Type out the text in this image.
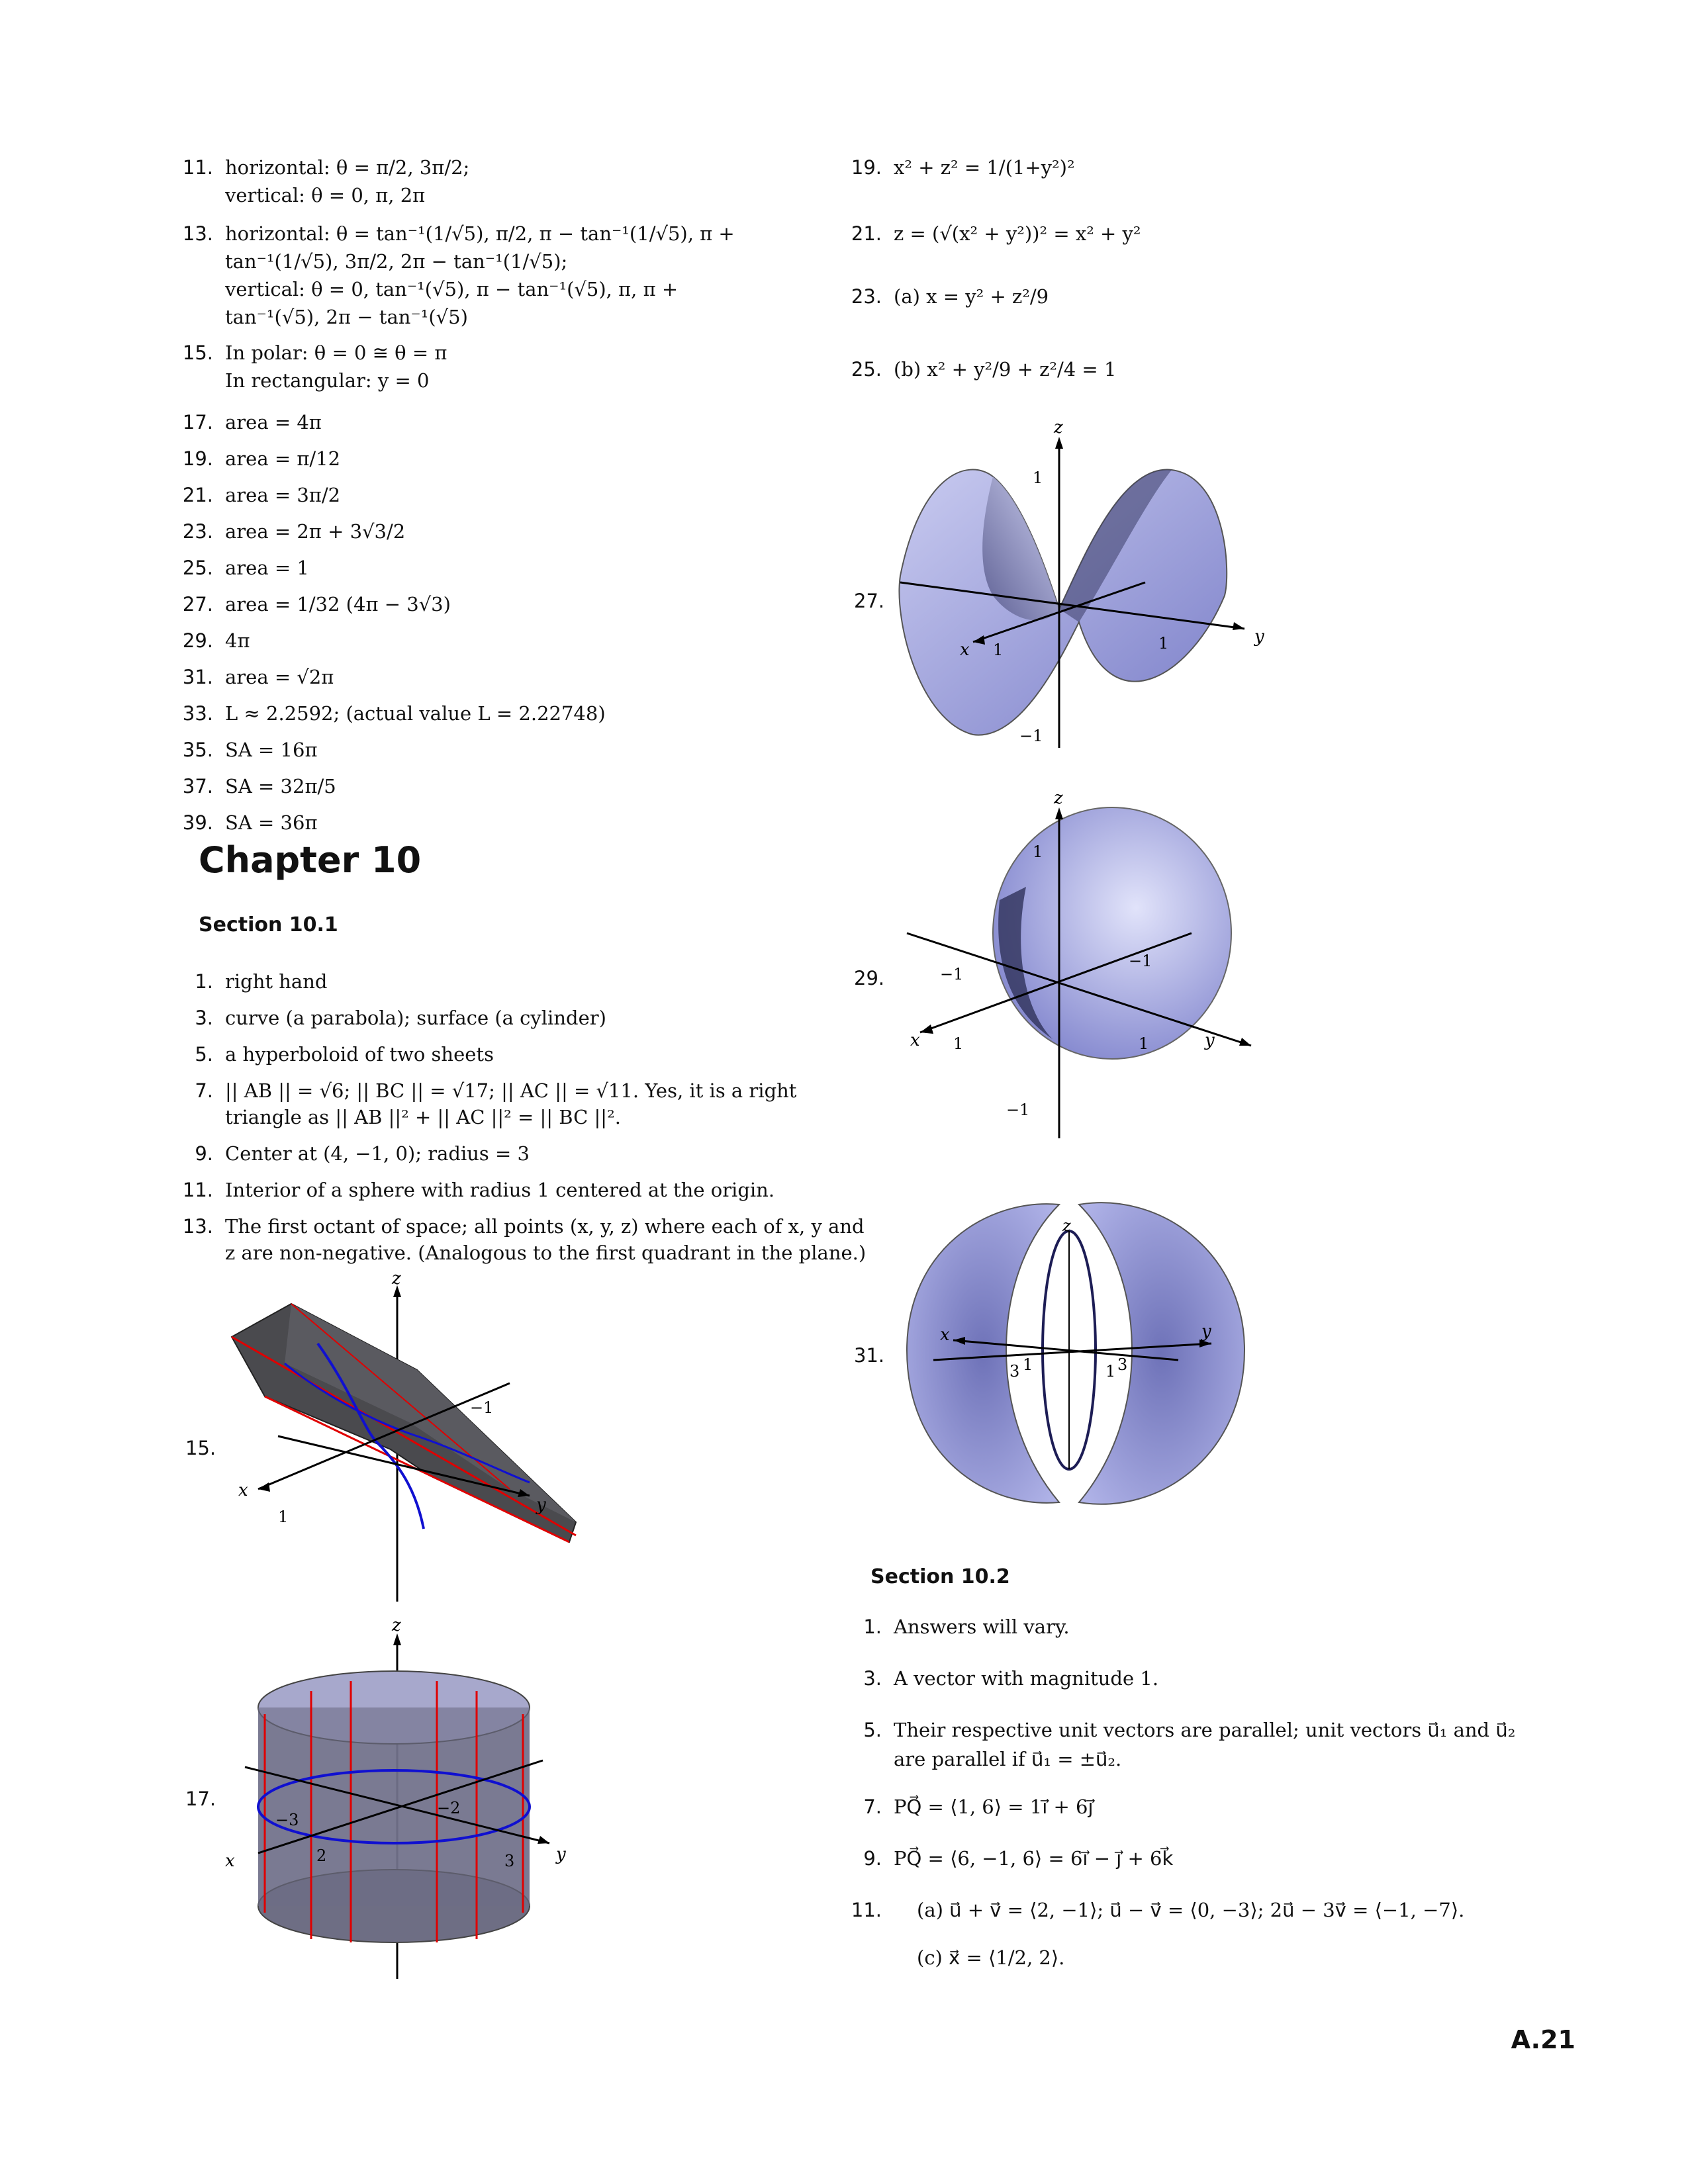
Chapter 10
Section 10.1
15.
z
x
y
1
−1
17.
z
x	y
−3
2
−2
3
27.
z
x
y
1
−1
1	1
29.
z
x	y
1
−1
−1
1
−1
1
31.
x	y
z
3 1	1 3
Section 10.2
A.21
11. horizontal: θ = π/2, 3π/2;
vertical: θ = 0, π, 2π
13. horizontal: θ = tan⁻¹(1/√5), π/2, π − tan⁻¹(1/√5), π +
tan⁻¹(1/√5), 3π/2, 2π − tan⁻¹(1/√5);
vertical: θ = 0, tan⁻¹(√5), π − tan⁻¹(√5), π, π +
tan⁻¹(√5), 2π − tan⁻¹(√5)
15. In polar: θ = 0 ≅ θ = π
In rectangular: y = 0
17. area = 4π
19. area = π/12
21. area = 3π/2
23. area = 2π + 3√3/2
25. area = 1
27. area = 1/32 (4π − 3√3)
29. 4π
31. area = √2π
33. L ≈ 2.2592; (actual value L = 2.22748)
35. SA = 16π
37. SA = 32π/5
39. SA = 36π
1. right hand
3. curve (a parabola); surface (a cylinder)
5. a hyperboloid of two sheets
7. || AB || = √6; || BC || = √17; || AC || = √11. Yes, it is a right
triangle as || AB ||² + || AC ||² = || BC ||².
9. Center at (4, −1, 0); radius = 3
11. Interior of a sphere with radius 1 centered at the origin.
13. The first octant of space; all points (x, y, z) where each of x, y and
z are non-negative. (Analogous to the first quadrant in the plane.)
19. x² + z² = 1/(1+y²)²
21. z = (√(x² + y²))² = x² + y²
23. (a) x = y² + z²/9
25. (b) x² + y²/9 + z²/4 = 1
1. Answers will vary.
3. A vector with magnitude 1.
5. Their respective unit vectors are parallel; unit vectors u⃗₁ and u⃗₂
are parallel if u⃗₁ = ±u⃗₂.
7. PQ⃗ = ⟨1, 6⟩ = 1i⃗ + 6j⃗
9. PQ⃗ = ⟨6, −1, 6⟩ = 6i⃗ − j⃗ + 6k⃗
11. (a) u⃗ + v⃗ = ⟨2, −1⟩; u⃗ − v⃗ = ⟨0, −3⟩; 2u⃗ − 3v⃗ = ⟨−1, −7⟩.
(c) x⃗ = ⟨1/2, 2⟩.
